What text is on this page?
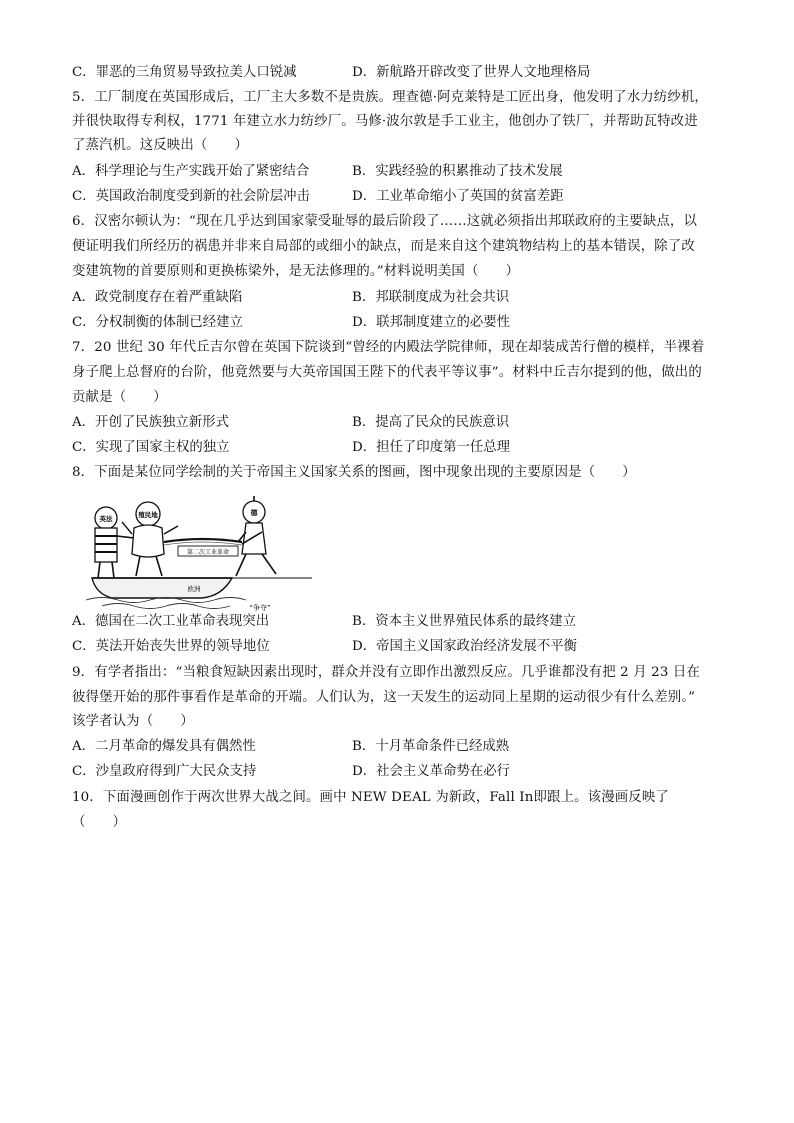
C．罪恶的三角贸易导致拉美人口锐减	D．新航路开辟改变了世界人文地理格局
5．工厂制度在英国形成后，工厂主大多数不是贵族。理查德·阿克莱特是工匠出身，他发明了水力纺纱机，
并很快取得专利权，1771 年建立水力纺纱厂。马修·波尔敦是手工业主，他创办了铁厂，并帮助瓦特改进
了蒸汽机。这反映出（　　）
A．科学理论与生产实践开始了紧密结合	B．实践经验的积累推动了技术发展
C．英国政治制度受到新的社会阶层冲击	D．工业革命缩小了英国的贫富差距
6．汉密尔顿认为：“现在几乎达到国家蒙受耻辱的最后阶段了……这就必须指出邦联政府的主要缺点，以
便证明我们所经历的祸患并非来自局部的或细小的缺点，而是来自这个建筑物结构上的基本错误，除了改
变建筑物的首要原则和更换栋梁外，是无法修理的。”材料说明美国（　　）
A．政党制度存在着严重缺陷	B．邦联制度成为社会共识
C．分权制衡的体制已经建立	D．联邦制度建立的必要性
7．20 世纪 30 年代丘吉尔曾在英国下院谈到“曾经的内殿法学院律师，现在却装成苦行僧的模样，半裸着
身子爬上总督府的台阶，他竟然要与大英帝国国王陛下的代表平等议事”。材料中丘吉尔提到的他，做出的
贡献是（　　）
A．开创了民族独立新形式	B．提高了民众的民族意识
C．实现了国家主权的独立	D．担任了印度第一任总理
8．下面是某位同学绘制的关于帝国主义国家关系的图画，图中现象出现的主要原因是（　　）
英法	殖民地
第二次工业革命
德
欧洲
“争夺”
A．德国在二次工业革命表现突出	B．资本主义世界殖民体系的最终建立
C．英法开始丧失世界的领导地位	D．帝国主义国家政治经济发展不平衡
9．有学者指出：“当粮食短缺因素出现时，群众并没有立即作出激烈反应。几乎谁都没有把 2 月 23 日在
彼得堡开始的那件事看作是革命的开端。人们认为，这一天发生的运动同上星期的运动很少有什么差别。”
该学者认为（　　）
A．二月革命的爆发具有偶然性	B．十月革命条件已经成熟
C．沙皇政府得到广大民众支持	D．社会主义革命势在必行
10．下面漫画创作于两次世界大战之间。画中 NEW DEAL 为新政，Fall In即跟上。该漫画反映了
（　　）
